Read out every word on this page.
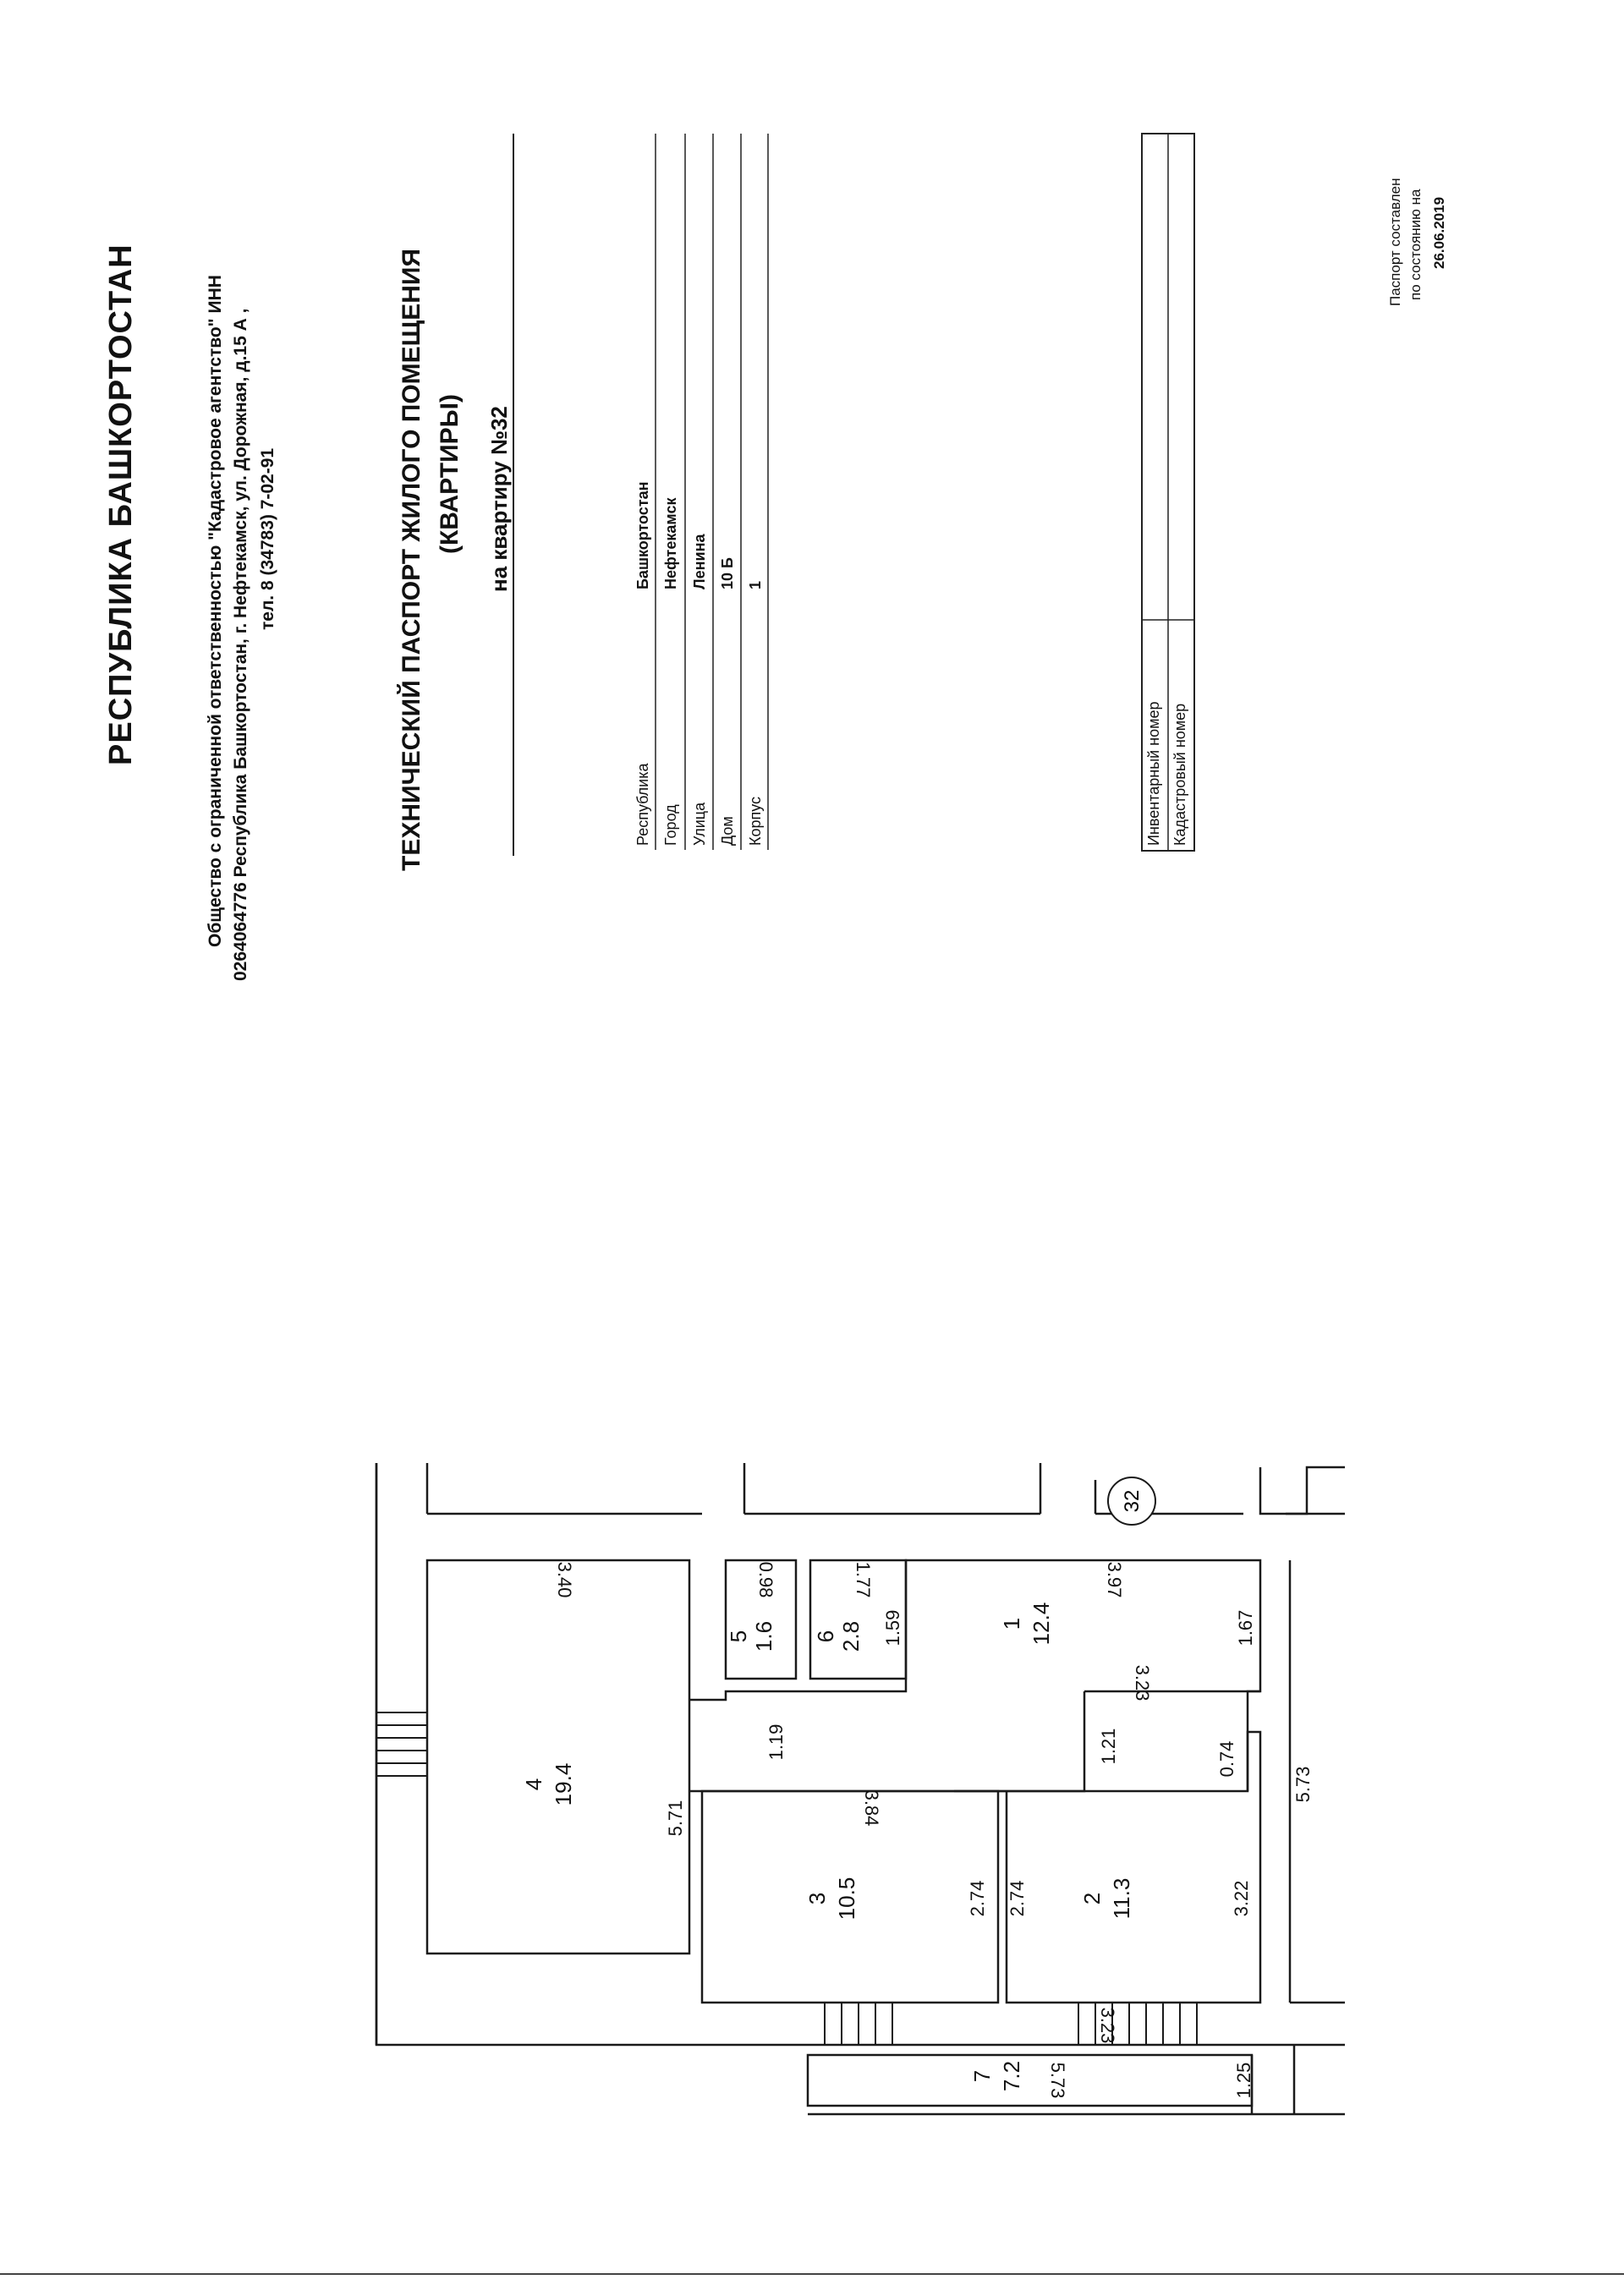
РЕСПУБЛИКА БАШКОРТОСТАН	Общество с ограниченной ответственностью "Кадастровое агентство" ИНН 0264064776 Республика Башкортостан, г. Нефтекамск, ул. Дорожная, д.15 А , тел. 8 (34783) 7-02-91	ТЕХНИЧЕСКИЙ ПАСПОРТ ЖИЛОГО ПОМЕЩЕНИЯ (КВАРТИРЫ) на квартиру №32
Республика
Башкортостан
Город
Нефтекамск
Улица
Ленина
Дом
10 Б
Корпус
1
Инвентарный номер Кадастровый номер
Паспорт составлен по состоянию на 26.06.2019
32
4 19.4
5 1.6 6 2.8	1 12.4
3 10.5	2 11.3
7 7.2
3.40	0.98	1.77	3.97
1.59	1.67
5.71
1.19	1.21	0.74
3.84
5.73
2.74 2.74	3.22
3.23
5.73	1.25
3.23
